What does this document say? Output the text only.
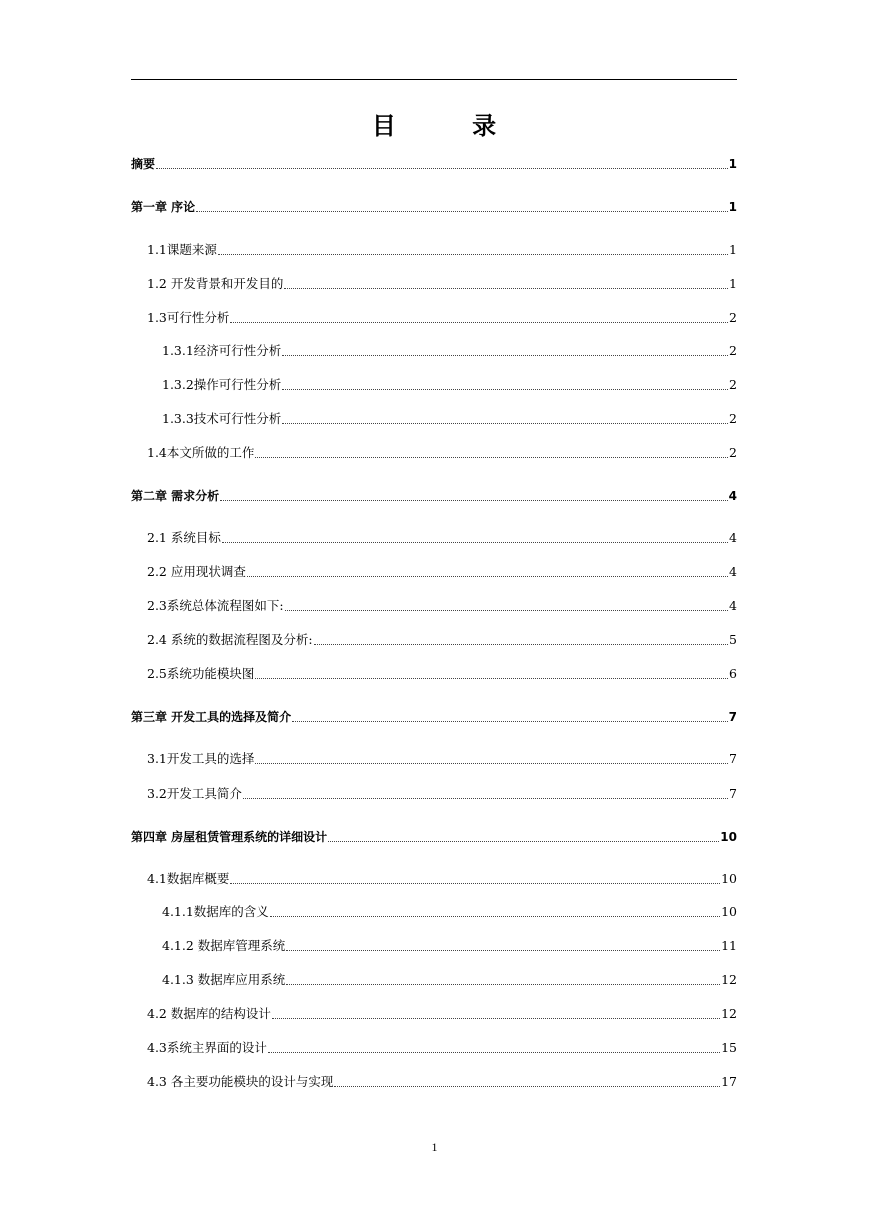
目 录
摘要	1
第一章 序论	1
1.1课题来源	1
1.2 开发背景和开发目的	1
1.3可行性分析	2
1.3.1经济可行性分析	2
1.3.2操作可行性分析	2
1.3.3技术可行性分析	2
1.4本文所做的工作	2
第二章 需求分析	4
2.1 系统目标	4
2.2 应用现状调查	4
2.3系统总体流程图如下:	4
2.4 系统的数据流程图及分析:	5
2.5系统功能模块图	6
第三章 开发工具的选择及简介	7
3.1开发工具的选择	7
3.2开发工具简介	7
第四章 房屋租赁管理系统的详细设计	10
4.1数据库概要	10
4.1.1数据库的含义	10
4.1.2 数据库管理系统	11
4.1.3 数据库应用系统	12
4.2 数据库的结构设计	12
4.3系统主界面的设计	15
4.3 各主要功能模块的设计与实现	17
1
